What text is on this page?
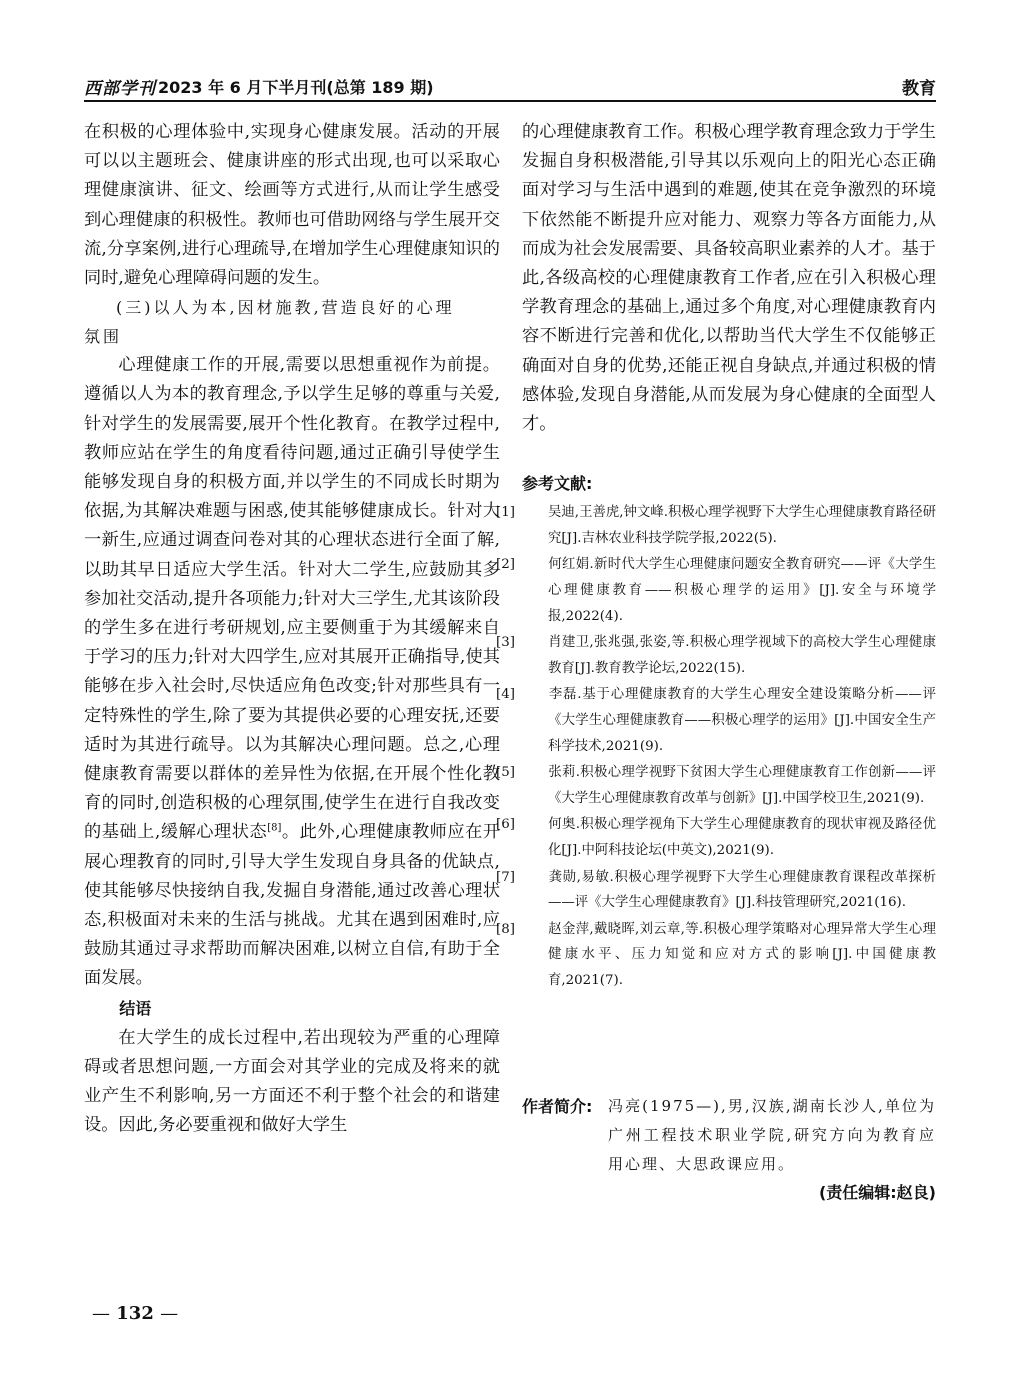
西部学刊 2023 年 6 月下半月刊(总第 189 期)	教育

在积极的心理体验中,实现身心健康发展。活动的开展可以以主题班会、健康讲座的形式出现,也可以采取心理健康演讲、征文、绘画等方式进行,从而让学生感受到心理健康的积极性。教师也可借助网络与学生展开交流,分享案例,进行心理疏导,在增加学生心理健康知识的同时,避免心理障碍问题的发生。

(三)以人为本,因材施教,营造良好的心理

氛围

心理健康工作的开展,需要以思想重视作为前提。遵循以人为本的教育理念,予以学生足够的尊重与关爱,针对学生的发展需要,展开个性化教育。在教学过程中,教师应站在学生的角度看待问题,通过正确引导使学生能够发现自身的积极方面,并以学生的不同成长时期为依据,为其解决难题与困惑,使其能够健康成长。针对大一新生,应通过调查问卷对其的心理状态进行全面了解,以助其早日适应大学生活。针对大二学生,应鼓励其多参加社交活动,提升各项能力;针对大三学生,尤其该阶段的学生多在进行考研规划,应主要侧重于为其缓解来自于学习的压力;针对大四学生,应对其展开正确指导,使其能够在步入社会时,尽快适应角色改变;针对那些具有一定特殊性的学生,除了要为其提供必要的心理安抚,还要适时为其进行疏导。以为其解决心理问题。总之,心理健康教育需要以群体的差异性为依据,在开展个性化教育的同时,创造积极的心理氛围,使学生在进行自我改变的基础上,缓解心理状态[8]。此外,心理健康教师应在开展心理教育的同时,引导大学生发现自身具备的优缺点,使其能够尽快接纳自我,发掘自身潜能,通过改善心理状态,积极面对未来的生活与挑战。尤其在遇到困难时,应鼓励其通过寻求帮助而解决困难,以树立自信,有助于全面发展。

结语

在大学生的成长过程中,若出现较为严重的心理障碍或者思想问题,一方面会对其学业的完成及将来的就业产生不利影响,另一方面还不利于整个社会的和谐建设。因此,务必要重视和做好大学生

的心理健康教育工作。积极心理学教育理念致力于学生发掘自身积极潜能,引导其以乐观向上的阳光心态正确面对学习与生活中遇到的难题,使其在竞争激烈的环境下依然能不断提升应对能力、观察力等各方面能力,从而成为社会发展需要、具备较高职业素养的人才。基于此,各级高校的心理健康教育工作者,应在引入积极心理学教育理念的基础上,通过多个角度,对心理健康教育内容不断进行完善和优化,以帮助当代大学生不仅能够正确面对自身的优势,还能正视自身缺点,并通过积极的情感体验,发现自身潜能,从而发展为身心健康的全面型人才。

参考文献:

[1] 吴迪,王善虎,钟文峰.积极心理学视野下大学生心理健康教育路径研究[J].吉林农业科技学院学报,2022(5).

[2] 何红娟.新时代大学生心理健康问题安全教育研究——评《大学生心理健康教育——积极心理学的运用》[J].安全与环境学报,2022(4).

[3] 肖建卫,张兆强,张姿,等.积极心理学视域下的高校大学生心理健康教育[J].教育教学论坛,2022(15).

[4] 李磊.基于心理健康教育的大学生心理安全建设策略分析——评《大学生心理健康教育——积极心理学的运用》[J].中国安全生产科学技术,2021(9).

[5] 张莉.积极心理学视野下贫困大学生心理健康教育工作创新——评《大学生心理健康教育改革与创新》[J].中国学校卫生,2021(9).

[6] 何奥.积极心理学视角下大学生心理健康教育的现状审视及路径优化[J].中阿科技论坛(中英文),2021(9).

[7] 龚勋,易敏.积极心理学视野下大学生心理健康教育课程改革探析——评《大学生心理健康教育》[J].科技管理研究,2021(16).

[8] 赵金萍,戴晓晖,刘云章,等.积极心理学策略对心理异常大学生心理健康水平、压力知觉和应对方式的影响[J].中国健康教育,2021(7).

作者简介: 冯亮(1975—),男,汉族,湖南长沙人,单位为广州工程技术职业学院,研究方向为教育应用心理、大思政课应用。
(责任编辑:赵良)
— 132 —
